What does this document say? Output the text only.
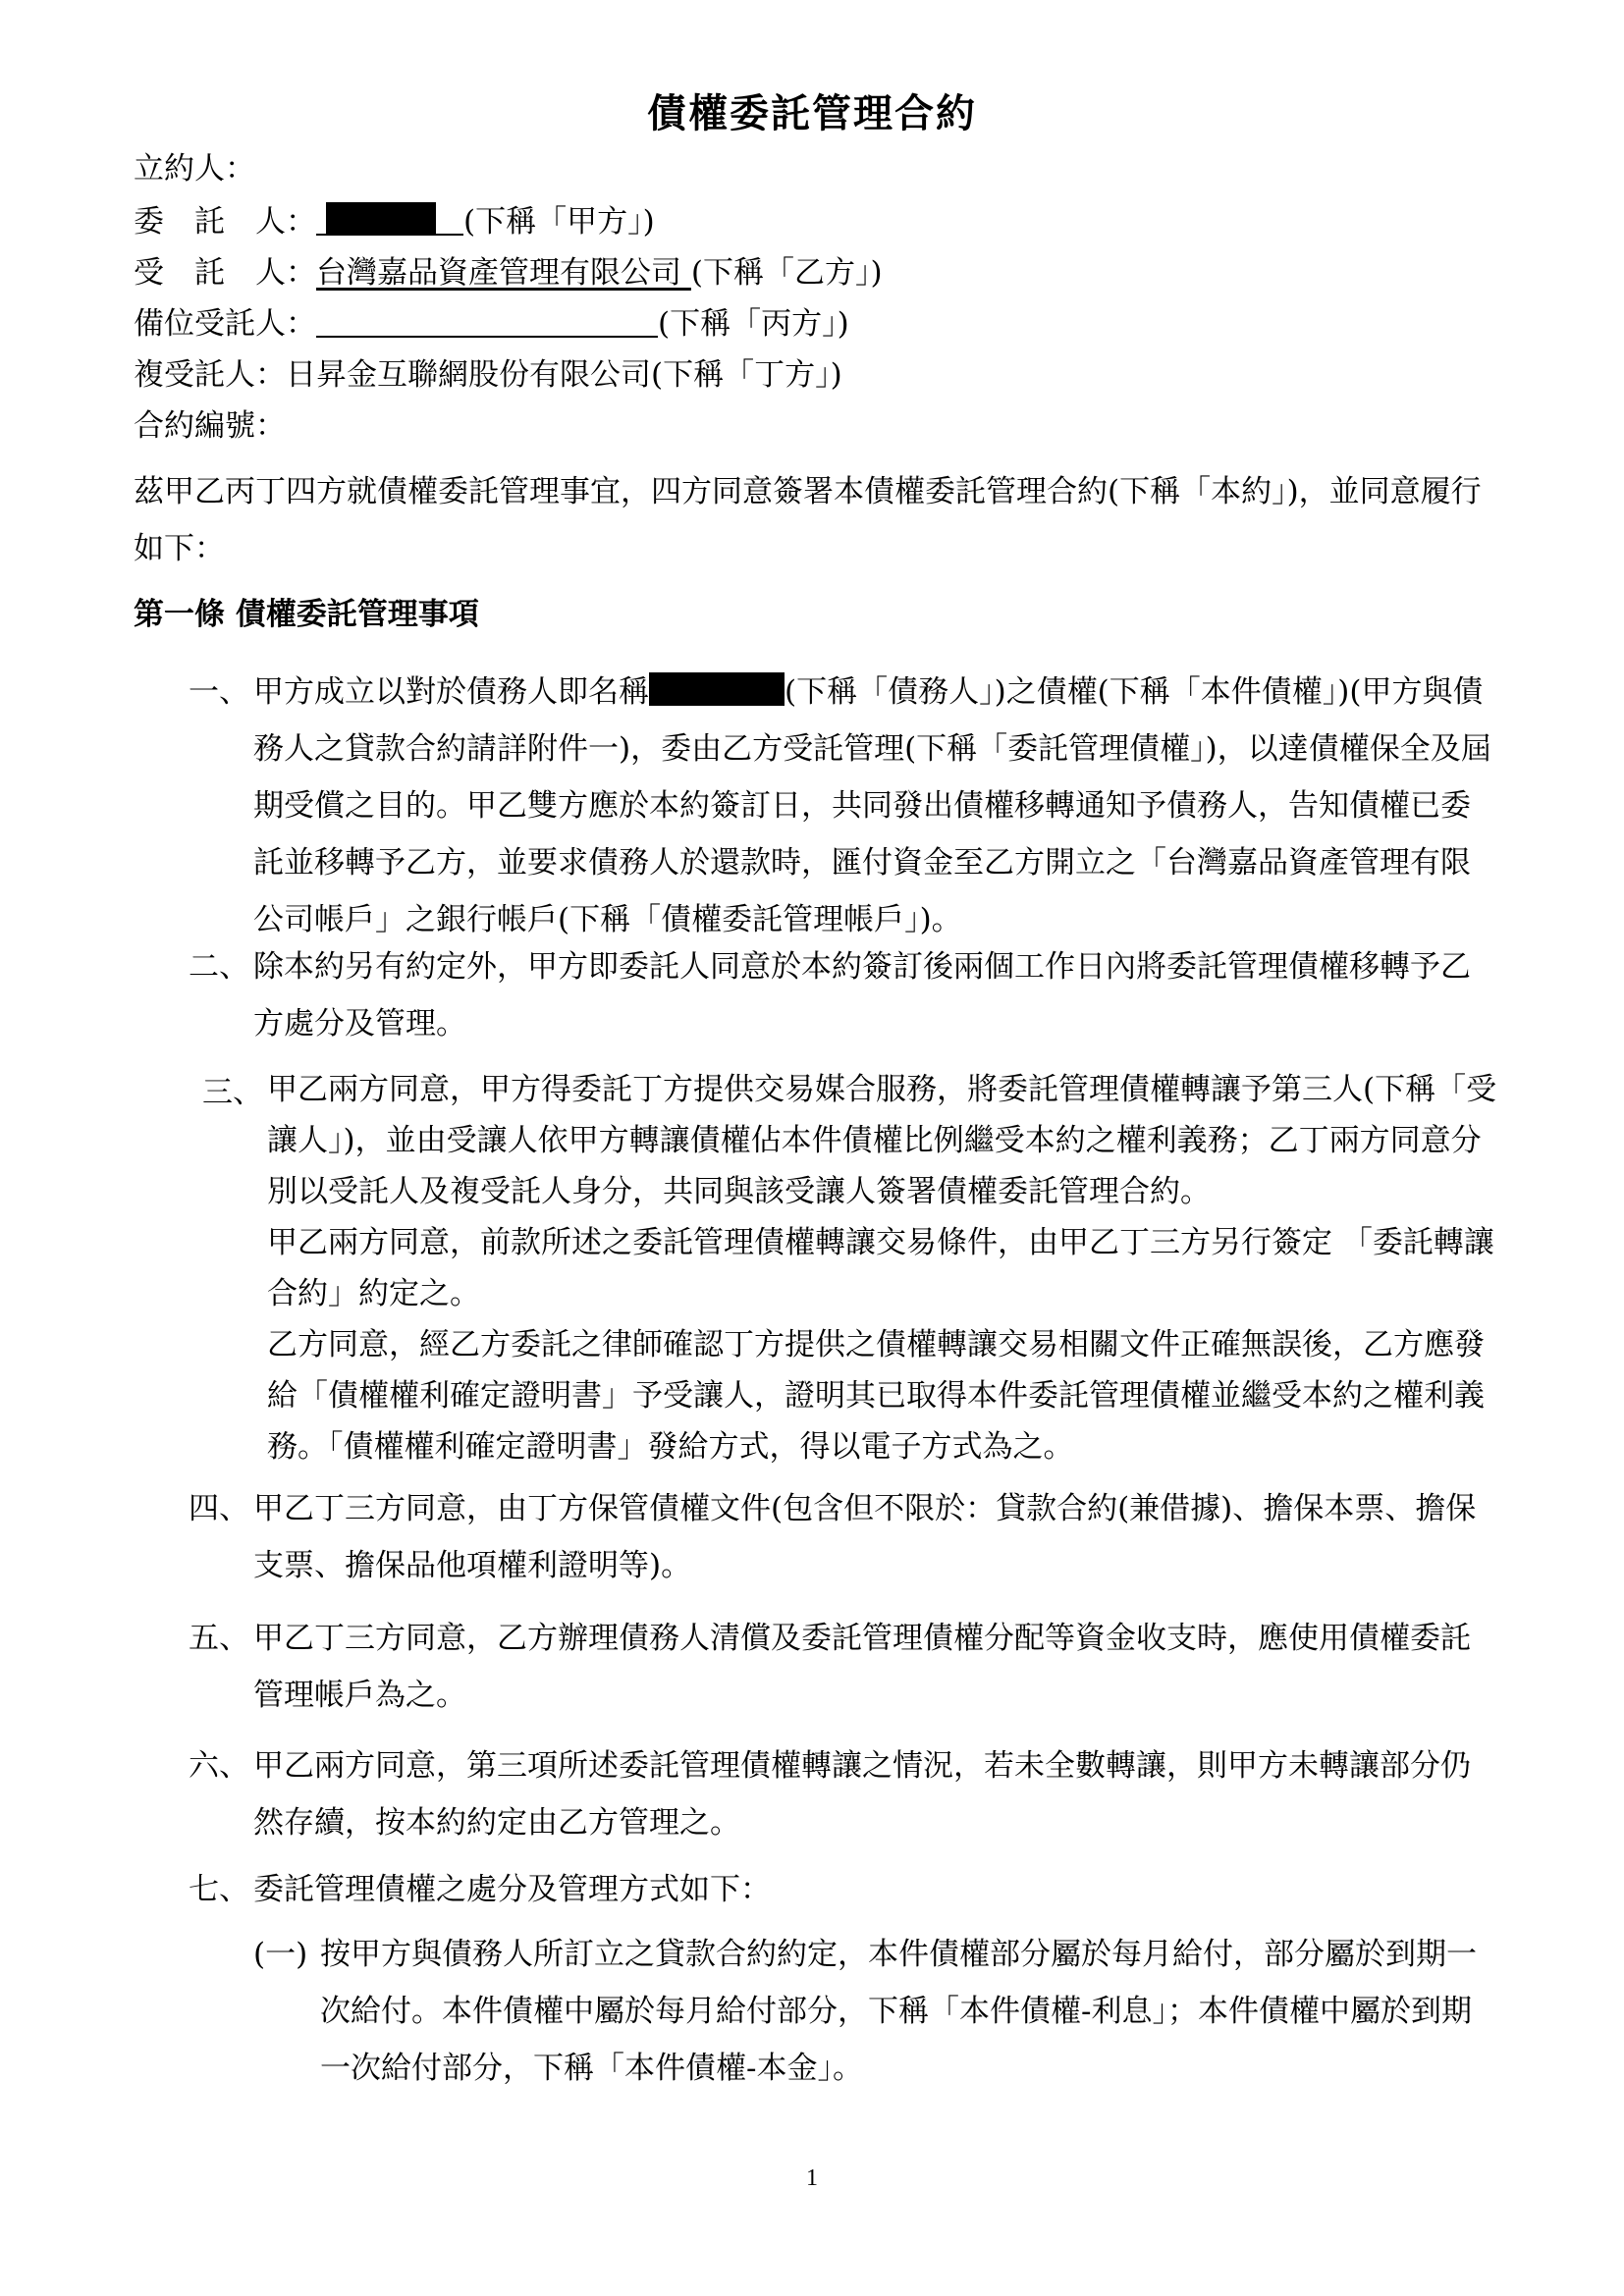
債權委託管理合約
立約人：
委　託　人：	(下稱「甲方」)
受　託　人：台灣嘉品資產管理有限公司 (下稱「乙方」)
備位受託人：	(下稱「丙方」)
複受託人：日昇金互聯網股份有限公司(下稱「丁方」)
合約編號：
茲甲乙丙丁四方就債權委託管理事宜，四方同意簽署本債權委託管理合約(下稱「本約」)，並同意履行如下：
第一條 債權委託管理事項
一、 甲方成立以對於債務人即名稱	(下稱「債務人」)之債權(下稱「本件債權」)(甲方與債務人之貸款合約請詳附件一)，委由乙方受託管理(下稱「委託管理債權」)，以達債權保全及屆期受償之目的。甲乙雙方應於本約簽訂日，共同發出債權移轉通知予債務人，告知債權已委託並移轉予乙方，並要求債務人於還款時，匯付資金至乙方開立之「台灣嘉品資產管理有限公司帳戶」之銀行帳戶(下稱「債權委託管理帳戶」)。
二、 除本約另有約定外，甲方即委託人同意於本約簽訂後兩個工作日內將委託管理債權移轉予乙方處分及管理。
三、 甲乙兩方同意，甲方得委託丁方提供交易媒合服務，將委託管理債權轉讓予第三人(下稱「受讓人」)，並由受讓人依甲方轉讓債權佔本件債權比例繼受本約之權利義務；乙丁兩方同意分別以受託人及複受託人身分，共同與該受讓人簽署債權委託管理合約。
甲乙兩方同意，前款所述之委託管理債權轉讓交易條件，由甲乙丁三方另行簽定 「委託轉讓合約」約定之。
乙方同意，經乙方委託之律師確認丁方提供之債權轉讓交易相關文件正確無誤後，乙方應發給「債權權利確定證明書」予受讓人，證明其已取得本件委託管理債權並繼受本約之權利義務。「債權權利確定證明書」發給方式，得以電子方式為之。
四、 甲乙丁三方同意，由丁方保管債權文件(包含但不限於：貸款合約(兼借據)、擔保本票、擔保支票、擔保品他項權利證明等)。
五、 甲乙丁三方同意，乙方辦理債務人清償及委託管理債權分配等資金收支時，應使用債權委託管理帳戶為之。
六、 甲乙兩方同意，第三項所述委託管理債權轉讓之情況，若未全數轉讓，則甲方未轉讓部分仍然存續，按本約約定由乙方管理之。
七、 委託管理債權之處分及管理方式如下：
(一) 按甲方與債務人所訂立之貸款合約約定，本件債權部分屬於每月給付，部分屬於到期一次給付。本件債權中屬於每月給付部分，下稱「本件債權-利息」；本件債權中屬於到期一次給付部分，下稱「本件債權-本金」。
1
